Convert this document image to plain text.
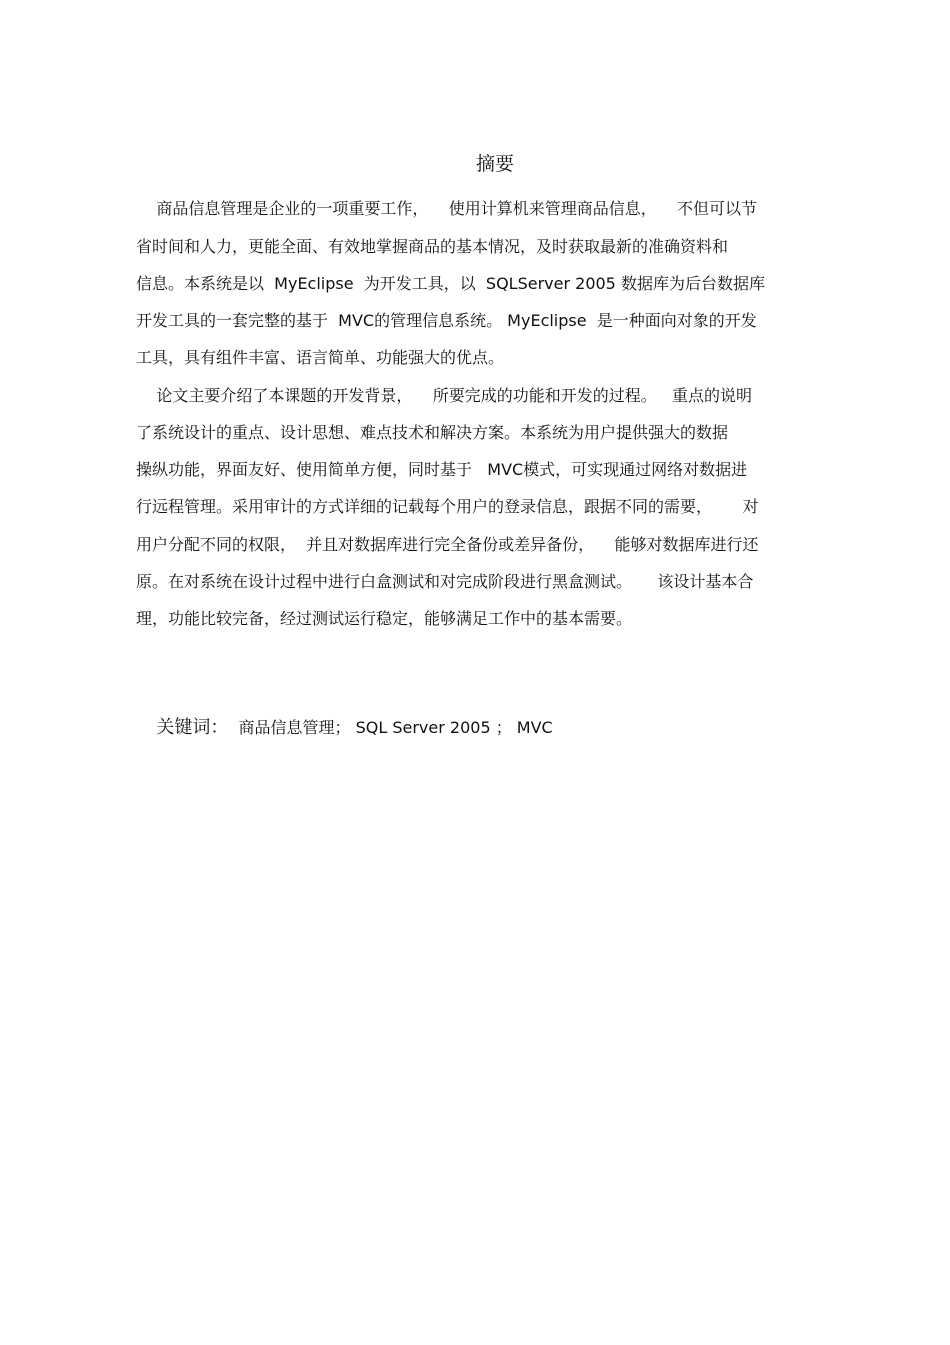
摘要
商品信息管理是企业的一项重要工作，    使用计算机来管理商品信息，    不但可以节
省时间和人力，更能全面、有效地掌握商品的基本情况，及时获取最新的准确资料和
信息。本系统是以  MyEclipse  为开发工具，以  SQLServer 2005 数据库为后台数据库
开发工具的一套完整的基于  MVC的管理信息系统。 MyEclipse  是一种面向对象的开发
工具，具有组件丰富、语言简单、功能强大的优点。
论文主要介绍了本课题的开发背景，    所要完成的功能和开发的过程。   重点的说明
了系统设计的重点、设计思想、难点技术和解决方案。本系统为用户提供强大的数据
操纵功能，界面友好、使用简单方便，同时基于   MVC模式，可实现通过网络对数据进
行远程管理。采用审计的方式详细的记载每个用户的登录信息，跟据不同的需要，      对
用户分配不同的权限，  并且对数据库进行完全备份或差异备份，    能够对数据库进行还
原。在对系统在设计过程中进行白盒测试和对完成阶段进行黑盒测试。     该设计基本合
理，功能比较完备，经过测试运行稳定，能够满足工作中的基本需要。

关键词：  商品信息管理； SQL Server 2005 ； MVC
